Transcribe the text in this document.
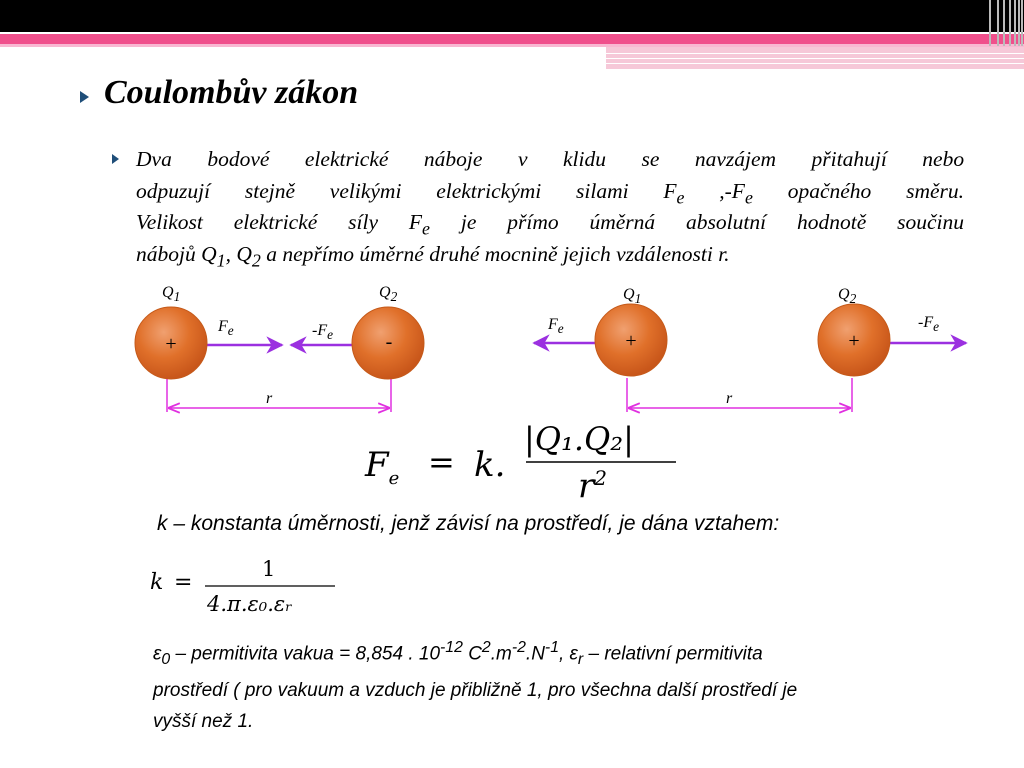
Coulombův zákon
Dva bodové elektrické náboje v klidu se navzájem přitahují nebo
odpuzují stejně velikými elektrickými silami $F_e$ $,-F_e$ opačného směru.
Velikost elektrické síly $F_e$ je přímo úměrná absolutní hodnotě součinu
nábojů $Q_1$, $Q_2$ a nepřímo úměrné druhé mocnině jejich vzdálenosti r.
$Q_1$	$Q_2$
+	-
$F_e$	$-F_e$
r
$Q_1$	$Q_2$
+	+
$F_e$	$-F_e$
r
$F_e = k$.
|Q₁.Q₂|
$r^2$
k – konstanta úměrnosti, jenž závisí na prostředí, je dána vztahem:
k =
1
4.π.ε₀.εᵣ
$\varepsilon_0$ – permitivita vakua = 8,854 . $10^{-12}$ $C^2.m^{-2}.N^{-1}$, $\varepsilon_r$ – relativní permitivita
prostředí ( pro vakuum a vzduch je přibližně 1, pro všechna další prostředí je
vyšší než 1.
